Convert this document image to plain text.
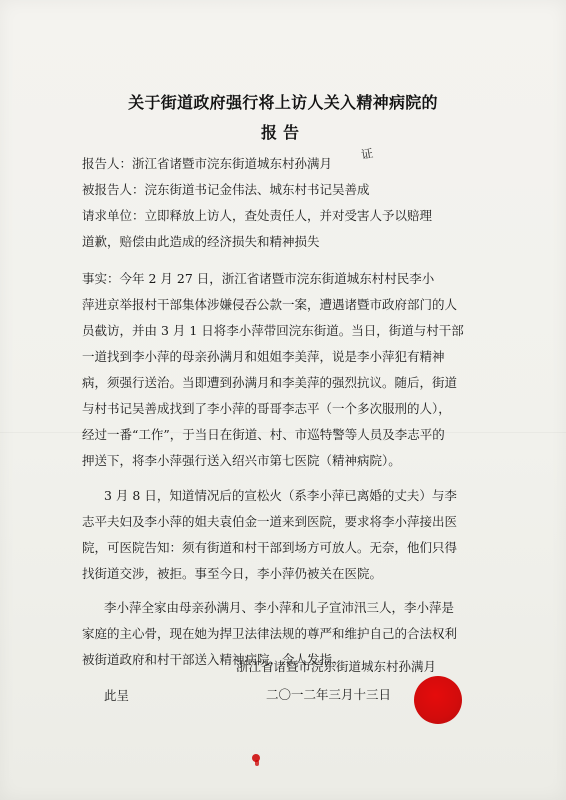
关于街道政府强行将上访人关入精神病院的
报告
报告人：浙江省诸暨市浣东街道城东村孙满月
被报告人：浣东街道书记金伟法、城东村书记吴善成
请求单位：立即释放上访人，查处责任人，并对受害人予以赔理
道歉，赔偿由此造成的经济损失和精神损失
证
事实：今年 2 月 27 日，浙江省诸暨市浣东街道城东村村民李小
萍进京举报村干部集体涉嫌侵吞公款一案，遭遇诸暨市政府部门的人
员截访，并由 3 月 1 日将李小萍带回浣东街道。当日，街道与村干部
一道找到李小萍的母亲孙满月和姐姐李美萍，说是李小萍犯有精神
病，须强行送治。当即遭到孙满月和李美萍的强烈抗议。随后，街道
与村书记吴善成找到了李小萍的哥哥李志平（一个多次服刑的人），
经过一番“工作”，于当日在街道、村、市巡特警等人员及李志平的
押送下，将李小萍强行送入绍兴市第七医院（精神病院）。
3 月 8 日，知道情况后的宣松火（系李小萍已离婚的丈夫）与李
志平夫妇及李小萍的姐夫袁伯金一道来到医院，要求将李小萍接出医
院，可医院告知：须有街道和村干部到场方可放人。无奈，他们只得
找街道交涉，被拒。事至今日，李小萍仍被关在医院。
李小萍全家由母亲孙满月、李小萍和儿子宣沛汛三人，李小萍是
家庭的主心骨，现在她为捍卫法律法规的尊严和维护自己的合法权利
被街道政府和村干部送入精神病院，令人发指。
此呈
浙江省诸暨市浣东街道城东村孙满月
二〇一二年三月十三日
